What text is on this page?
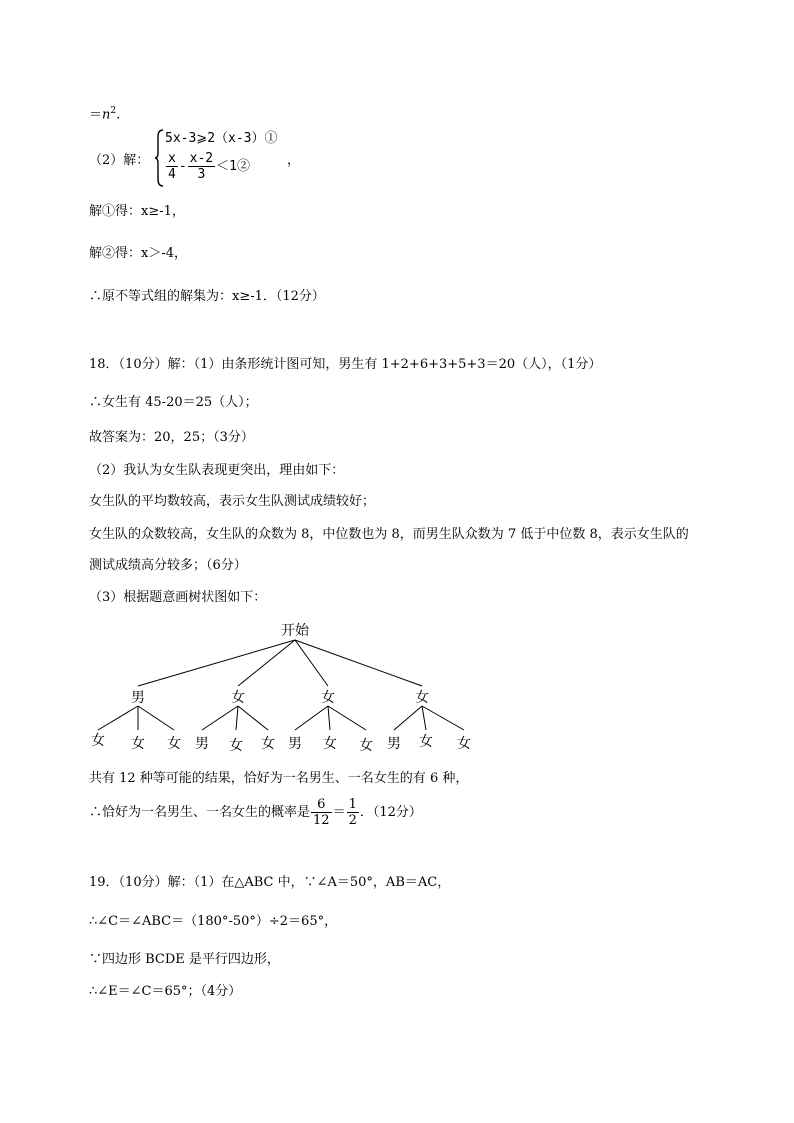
$=n^2$.
（2）解：
5x-3⩾2（x-3）①
$\frac{x}{4} - \frac{x-2}{3}$ ＜1②	，
解①得：x≥-1，
解②得：x＞-4，
∴原不等式组的解集为：x≥-1．（12分）
18．（10分）解：（1）由条形统计图可知，男生有 1+2+6+3+5+3＝20（人），（1分）
∴女生有 45-20＝25（人）；
故答案为：20，25；（3分）
（2）我认为女生队表现更突出，理由如下：
女生队的平均数较高，表示女生队测试成绩较好；
女生队的众数较高，女生队的众数为 8，中位数也为 8，而男生队众数为 7 低于中位数 8，表示女生队的
测试成绩高分较多；（6分）
（3）根据题意画树状图如下：
开始
男	女	女	女
女 女 女 男 女 女 男 女 女 男 女 女
共有 12 种等可能的结果，恰好为一名男生、一名女生的有 6 种，
∴恰好为一名男生、一名女生的概率是 $\frac{6}{12} = \frac{1}{2}$ ．（12分）
19．（10分）解：（1）在△ABC 中，∵∠A＝50°，AB＝AC，
∴∠C＝∠ABC＝（180°-50°）÷2＝65°，
∵四边形 BCDE 是平行四边形，
∴∠E＝∠C＝65°；（4分）
